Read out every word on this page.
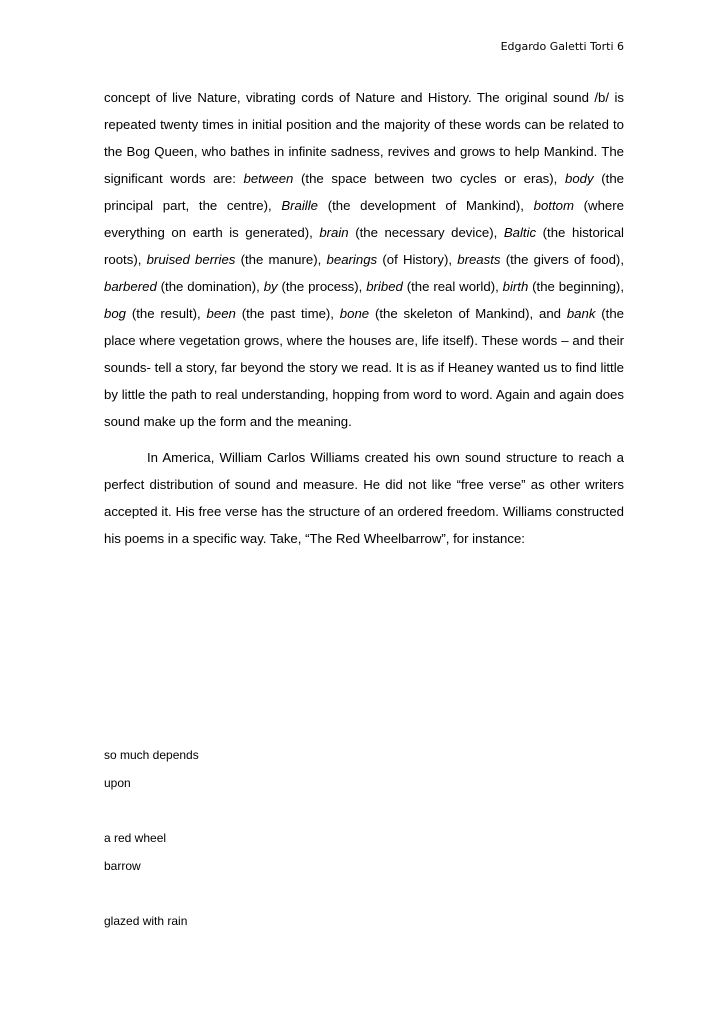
Edgardo Galetti Torti 6

concept of live Nature, vibrating cords of Nature and History. The original sound /b/ is repeated twenty times in initial position and the majority of these words can be related to the Bog Queen, who bathes in infinite sadness, revives and grows to help Mankind. The significant words are: between (the space between two cycles or eras), body (the principal part, the centre), Braille (the development of Mankind), bottom (where everything on earth is generated), brain (the necessary device), Baltic (the historical roots), bruised berries (the manure), bearings (of History), breasts (the givers of food), barbered (the domination), by (the process), bribed (the real world), birth (the beginning), bog (the result), been (the past time), bone (the skeleton of Mankind), and bank (the place where vegetation grows, where the houses are, life itself). These words – and their sounds- tell a story, far beyond the story we read. It is as if Heaney wanted us to find little by little the path to real understanding, hopping from word to word. Again and again does sound make up the form and the meaning.

In America, William Carlos Williams created his own sound structure to reach a perfect distribution of sound and measure. He did not like “free verse” as other writers accepted it. His free verse has the structure of an ordered freedom. Williams constructed his poems in a specific way. Take, “The Red Wheelbarrow”, for instance:

so much depends
upon
a red wheel
barrow
glazed with rain
